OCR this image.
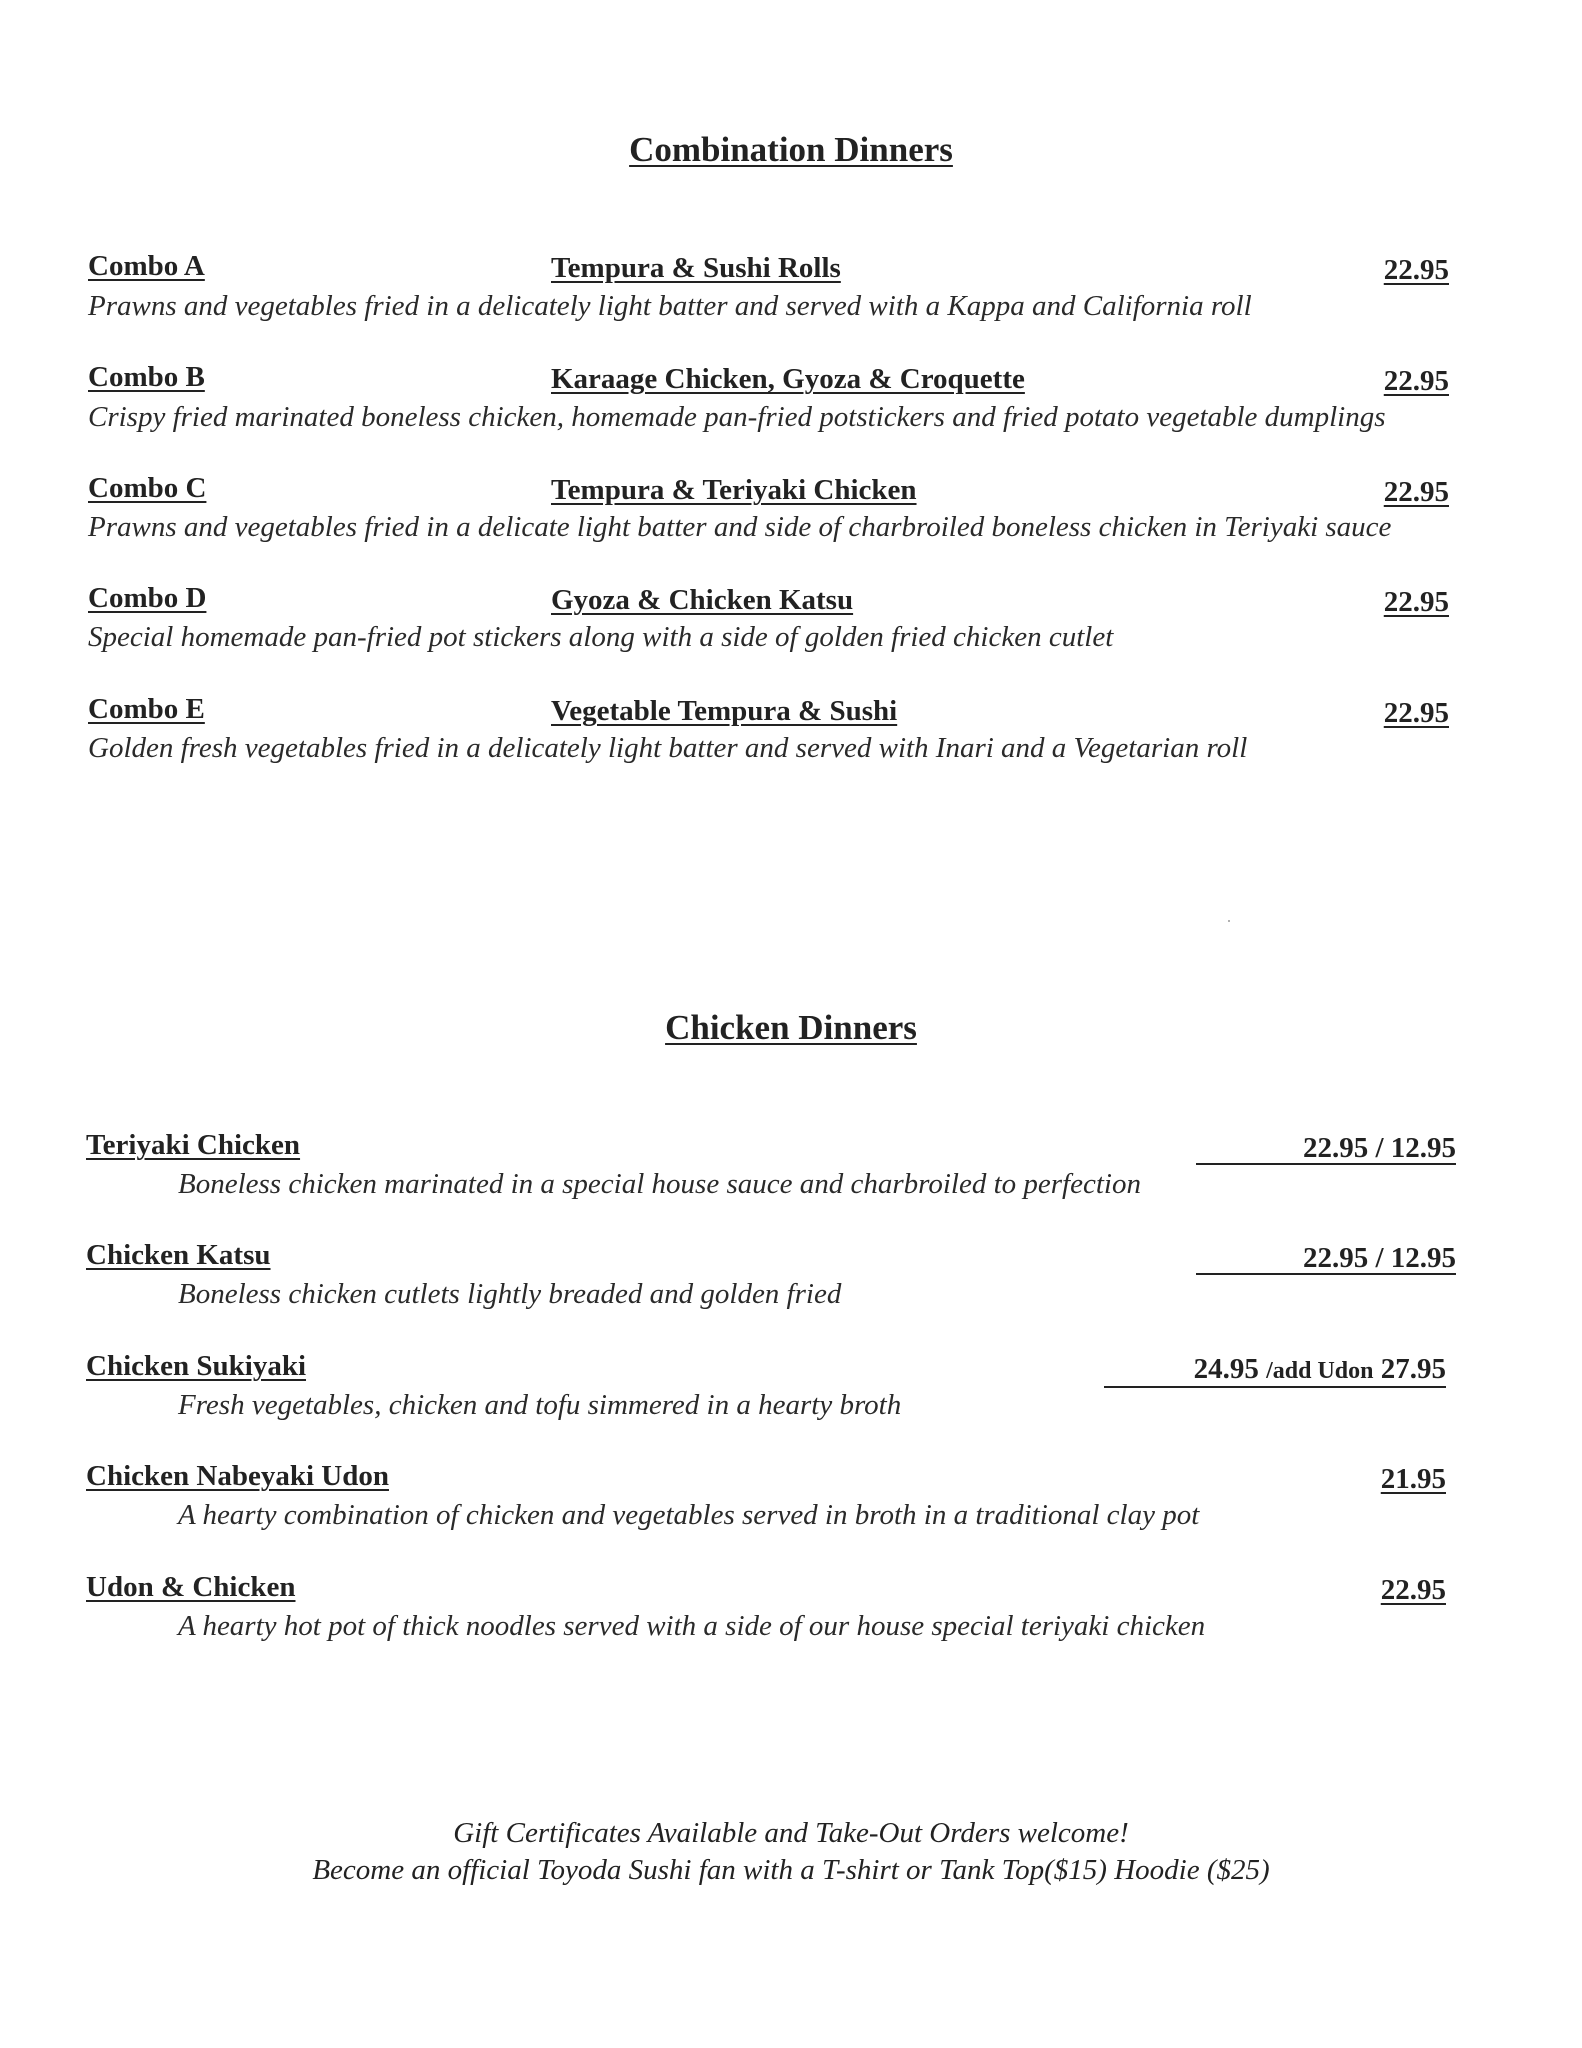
Combination Dinners
Combo A	Tempura & Sushi Rolls	22.95
Prawns and vegetables fried in a delicately light batter and served with a Kappa and California roll
Combo B	Karaage Chicken, Gyoza & Croquette	22.95
Crispy fried marinated boneless chicken, homemade pan-fried potstickers and fried potato vegetable dumplings
Combo C	Tempura & Teriyaki Chicken	22.95
Prawns and vegetables fried in a delicate light batter and side of charbroiled boneless chicken in Teriyaki sauce
Combo D	Gyoza & Chicken Katsu	22.95
Special homemade pan-fried pot stickers along with a side of golden fried chicken cutlet
Combo E	Vegetable Tempura & Sushi	22.95
Golden fresh vegetables fried in a delicately light batter and served with Inari and a Vegetarian roll
Chicken Dinners
Teriyaki Chicken	22.95 / 12.95
Boneless chicken marinated in a special house sauce and charbroiled to perfection
Chicken Katsu	22.95 / 12.95
Boneless chicken cutlets lightly breaded and golden fried
Chicken Sukiyaki	24.95 /add Udon 27.95
Fresh vegetables, chicken and tofu simmered in a hearty broth
Chicken Nabeyaki Udon	21.95
A hearty combination of chicken and vegetables served in broth in a traditional clay pot
Udon & Chicken	22.95
A hearty hot pot of thick noodles served with a side of our house special teriyaki chicken
Gift Certificates Available and Take-Out Orders welcome!
Become an official Toyoda Sushi fan with a T-shirt or Tank Top($15) Hoodie ($25)
